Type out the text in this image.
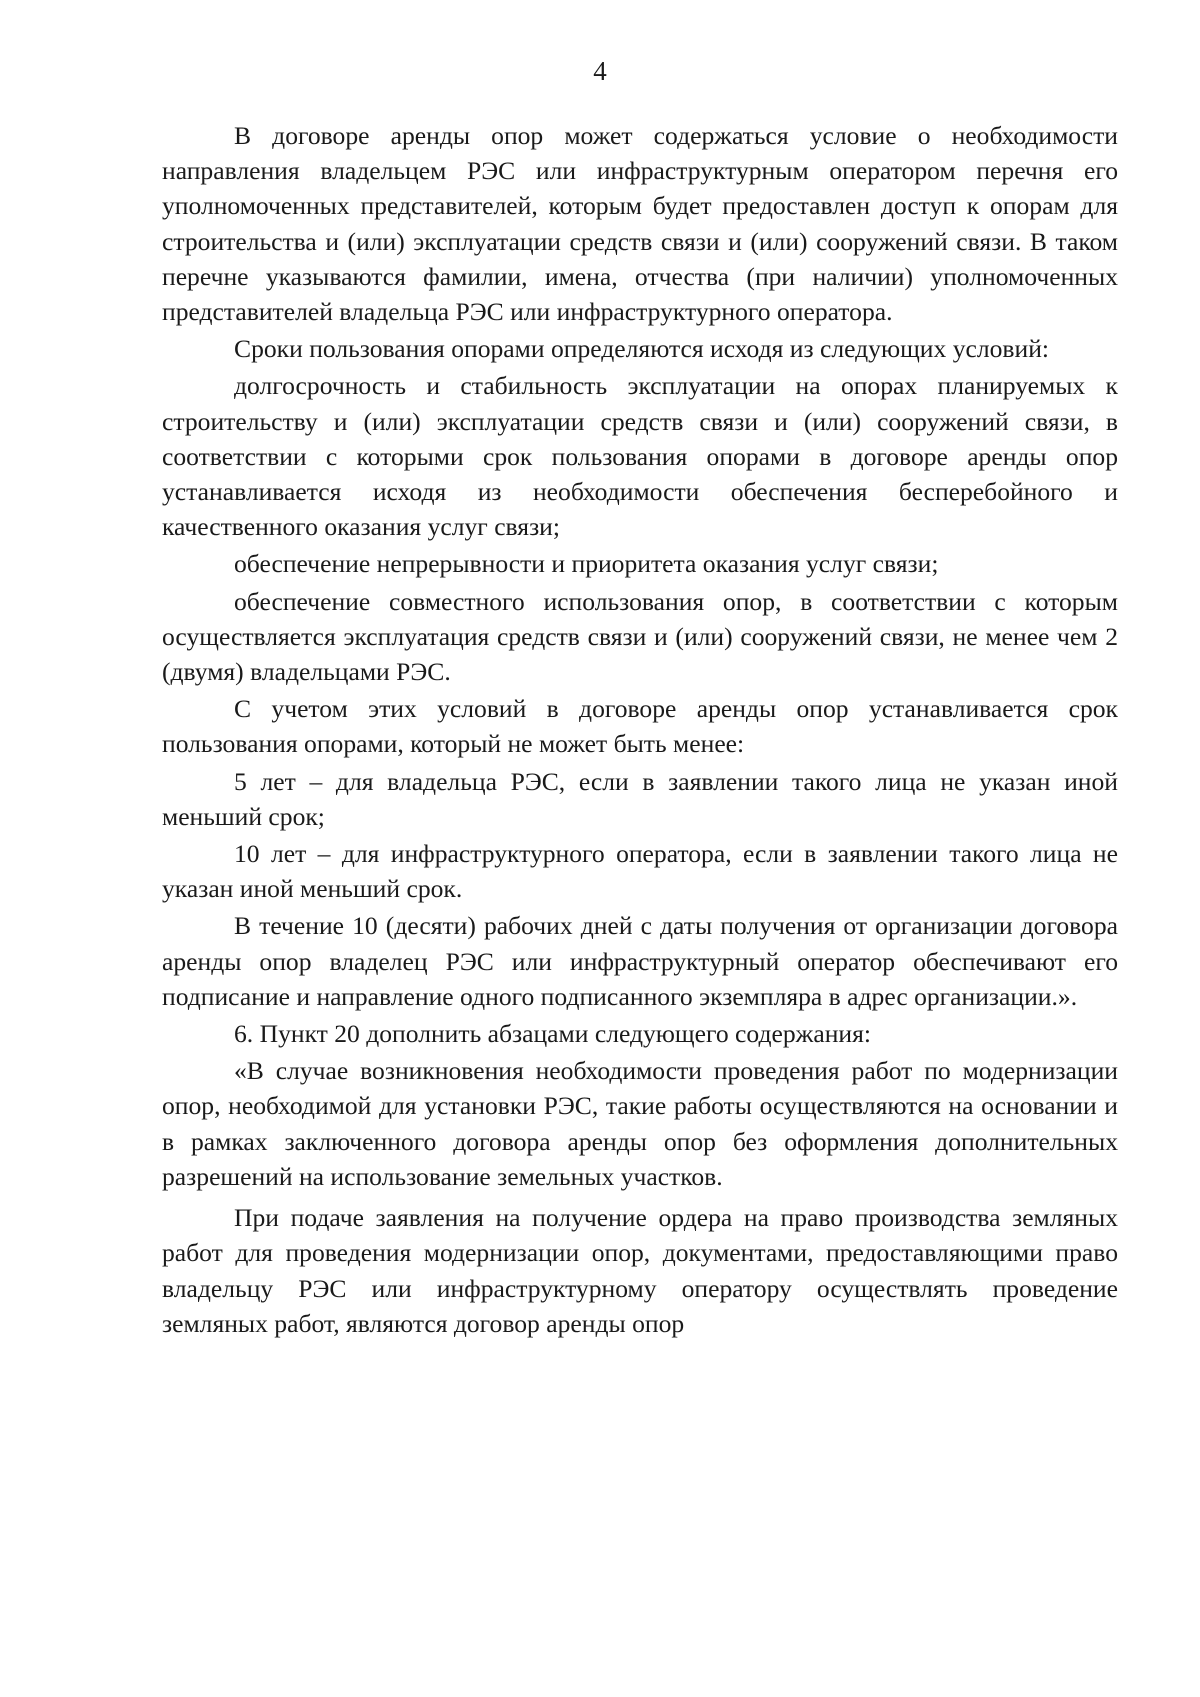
4

В договоре аренды опор может содержаться условие о необходимости направления владельцем РЭС или инфраструктурным оператором перечня его уполномоченных представителей, которым будет предоставлен доступ к опорам для строительства и (или) эксплуатации средств связи и (или) сооружений связи. В таком перечне указываются фамилии, имена, отчества (при наличии) уполномоченных представителей владельца РЭС или инфраструктурного оператора.

Сроки пользования опорами определяются исходя из следующих условий:

долгосрочность и стабильность эксплуатации на опорах планируемых к строительству и (или) эксплуатации средств связи и (или) сооружений связи, в соответствии с которыми срок пользования опорами в договоре аренды опор устанавливается исходя из необходимости обеспечения бесперебойного и качественного оказания услуг связи;

обеспечение непрерывности и приоритета оказания услуг связи;

обеспечение совместного использования опор, в соответствии с которым осуществляется эксплуатация средств связи и (или) сооружений связи, не менее чем 2 (двумя) владельцами РЭС.

С учетом этих условий в договоре аренды опор устанавливается срок пользования опорами, который не может быть менее:

5 лет – для владельца РЭС, если в заявлении такого лица не указан иной меньший срок;

10 лет – для инфраструктурного оператора, если в заявлении такого лица не указан иной меньший срок.

В течение 10 (десяти) рабочих дней с даты получения от организации договора аренды опор владелец РЭС или инфраструктурный оператор обеспечивают его подписание и направление одного подписанного экземпляра в адрес организации.».

6. Пункт 20 дополнить абзацами следующего содержания:

«В случае возникновения необходимости проведения работ по модернизации опор, необходимой для установки РЭС, такие работы осуществляются на основании и в рамках заключенного договора аренды опор без оформления дополнительных разрешений на использование земельных участков.

При подаче заявления на получение ордера на право производства земляных работ для проведения модернизации опор, документами, предоставляющими право владельцу РЭС или инфраструктурному оператору осуществлять проведение земляных работ, являются договор аренды опор
